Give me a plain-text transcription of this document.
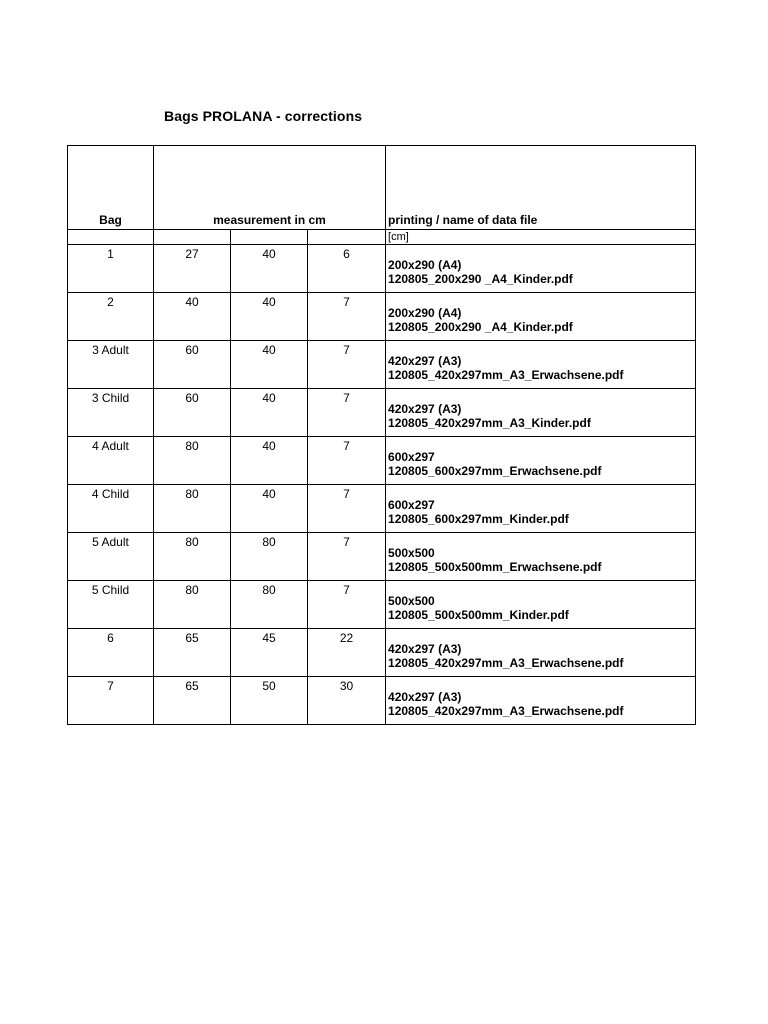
Bags PROLANA - corrections
Bag	measurement in cm			printing / name of data file
				[cm]
1	27	40	6	200x290 (A4)
120805_200x290 _A4_Kinder.pdf

2	40	40	7	200x290 (A4)
120805_200x290 _A4_Kinder.pdf

3 Adult	60	40	7	420x297 (A3)
120805_420x297mm_A3_Erwachsene.pdf

3 Child	60	40	7	420x297 (A3)
120805_420x297mm_A3_Kinder.pdf

4 Adult	80	40	7	600x297
120805_600x297mm_Erwachsene.pdf

4 Child	80	40	7	600x297
120805_600x297mm_Kinder.pdf

5 Adult	80	80	7	500x500
120805_500x500mm_Erwachsene.pdf

5 Child	80	80	7	500x500
120805_500x500mm_Kinder.pdf

6	65	45	22	420x297 (A3)
120805_420x297mm_A3_Erwachsene.pdf

7	65	50	30	420x297 (A3)
120805_420x297mm_A3_Erwachsene.pdf
